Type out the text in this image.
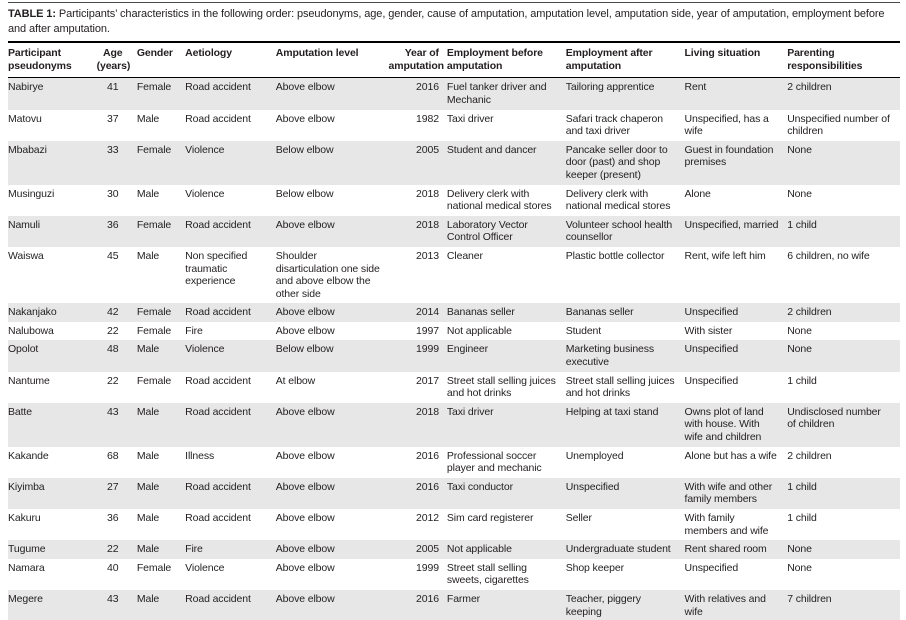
TABLE 1: Participants’ characteristics in the following order: pseudonyms, age, gender, cause of amputation, amputation level, amputation side, year of amputation, employment before and after amputation.

Participant pseudonyms	Age (years)	Gender	Aetiology	Amputation level	Year of amputation	Employment before amputation	Employment after amputation	Living situation	Parenting responsibilities
Nabirye	41	Female	Road accident	Above elbow	2016	Fuel tanker driver and Mechanic	Tailoring apprentice	Rent	2 children
Matovu	37	Male	Road accident	Above elbow	1982	Taxi driver	Safari track chaperon and taxi driver	Unspecified, has a wife	Unspecified number of children
Mbabazi	33	Female	Violence	Below elbow	2005	Student and dancer	Pancake seller door to door (past) and shop keeper (present)	Guest in foundation premises	None
Musinguzi	30	Male	Violence	Below elbow	2018	Delivery clerk with national medical stores	Delivery clerk with national medical stores	Alone	None
Namuli	36	Female	Road accident	Above elbow	2018	Laboratory Vector Control Officer	Volunteer school health counsellor	Unspecified, married	1 child
Waiswa	45	Male	Non specified traumatic experience	Shoulder disarticulation one side and above elbow the other side	2013	Cleaner	Plastic bottle collector	Rent, wife left him	6 children, no wife
Nakanjako	42	Female	Road accident	Above elbow	2014	Bananas seller	Bananas seller	Unspecified	2 children
Nalubowa	22	Female	Fire	Above elbow	1997	Not applicable	Student	With sister	None
Opolot	48	Male	Violence	Below elbow	1999	Engineer	Marketing business executive	Unspecified	None
Nantume	22	Female	Road accident	At elbow	2017	Street stall selling juices and hot drinks	Street stall selling juices and hot drinks	Unspecified	1 child
Batte	43	Male	Road accident	Above elbow	2018	Taxi driver	Helping at taxi stand	Owns plot of land with house. With wife and children	Undisclosed number of children
Kakande	68	Male	Illness	Above elbow	2016	Professional soccer player and mechanic	Unemployed	Alone but has a wife	2 children
Kiyimba	27	Male	Road accident	Above elbow	2016	Taxi conductor	Unspecified	With wife and other family members	1 child
Kakuru	36	Male	Road accident	Above elbow	2012	Sim card registerer	Seller	With family members and wife	1 child
Tugume	22	Male	Fire	Above elbow	2005	Not applicable	Undergraduate student	Rent shared room	None
Namara	40	Female	Violence	Above elbow	1999	Street stall selling sweets, cigarettes	Shop keeper	Unspecified	None
Megere	43	Male	Road accident	Above elbow	2016	Farmer	Teacher, piggery keeping	With relatives and wife	7 children
